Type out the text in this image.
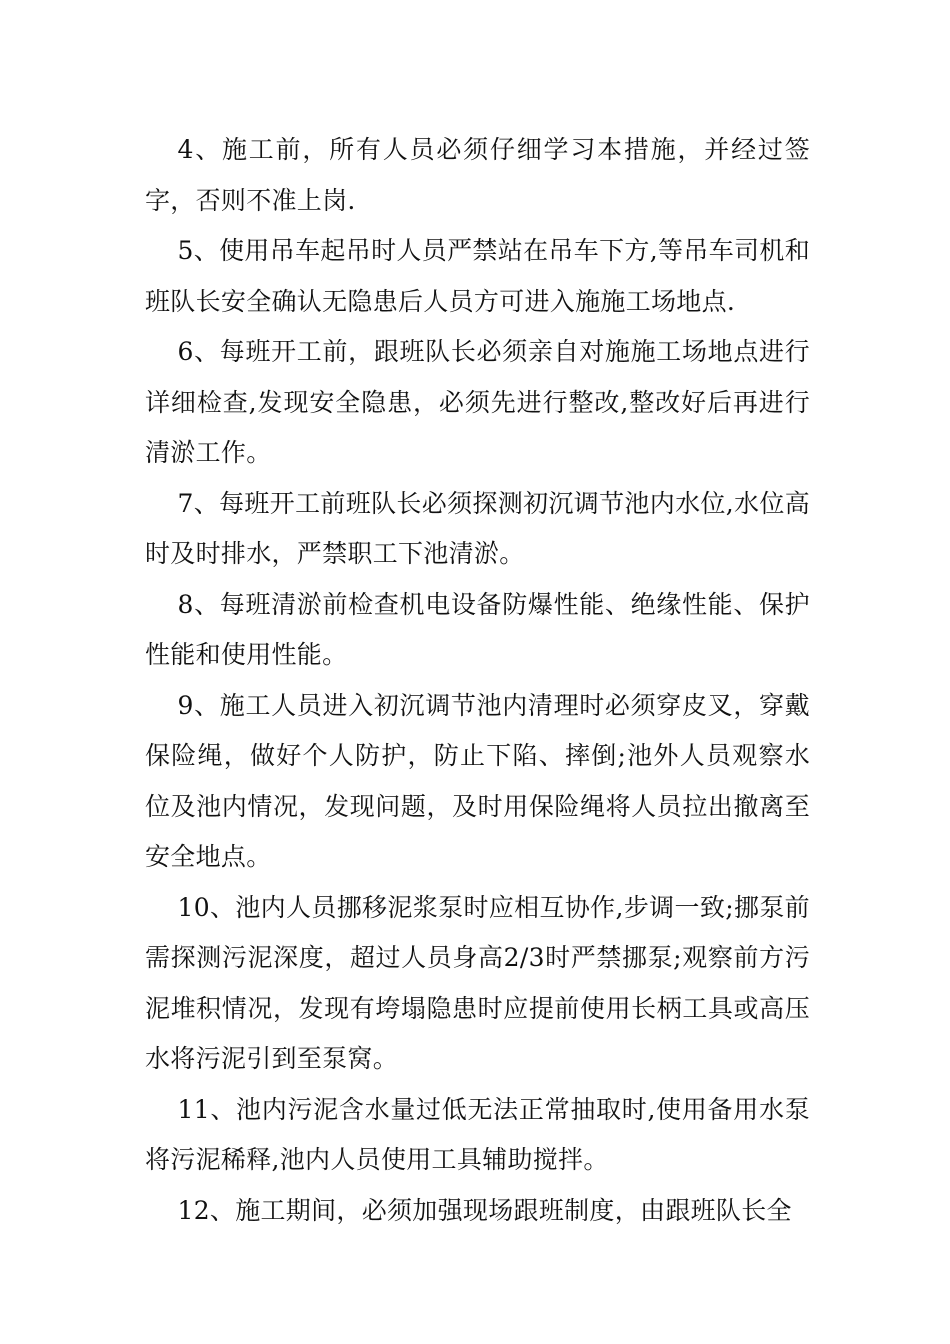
4、施工前，所有人员必须仔细学习本措施，并经过签字，否则不准上岗.

5、使用吊车起吊时人员严禁站在吊车下方,等吊车司机和班队长安全确认无隐患后人员方可进入施施工场地点.

6、每班开工前，跟班队长必须亲自对施施工场地点进行详细检查,发现安全隐患，必须先进行整改,整改好后再进行清淤工作。

7、每班开工前班队长必须探测初沉调节池内水位,水位高时及时排水，严禁职工下池清淤。

8、每班清淤前检查机电设备防爆性能、绝缘性能、保护性能和使用性能。

9、施工人员进入初沉调节池内清理时必须穿皮叉，穿戴保险绳，做好个人防护，防止下陷、摔倒;池外人员观察水位及池内情况，发现问题，及时用保险绳将人员拉出撤离至安全地点。

10、池内人员挪移泥浆泵时应相互协作,步调一致;挪泵前需探测污泥深度，超过人员身高2/3时严禁挪泵;观察前方污泥堆积情况，发现有垮塌隐患时应提前使用长柄工具或高压水将污泥引到至泵窝。

11、池内污泥含水量过低无法正常抽取时,使用备用水泵将污泥稀释,池内人员使用工具辅助搅拌。

12、施工期间，必须加强现场跟班制度，由跟班队长全
